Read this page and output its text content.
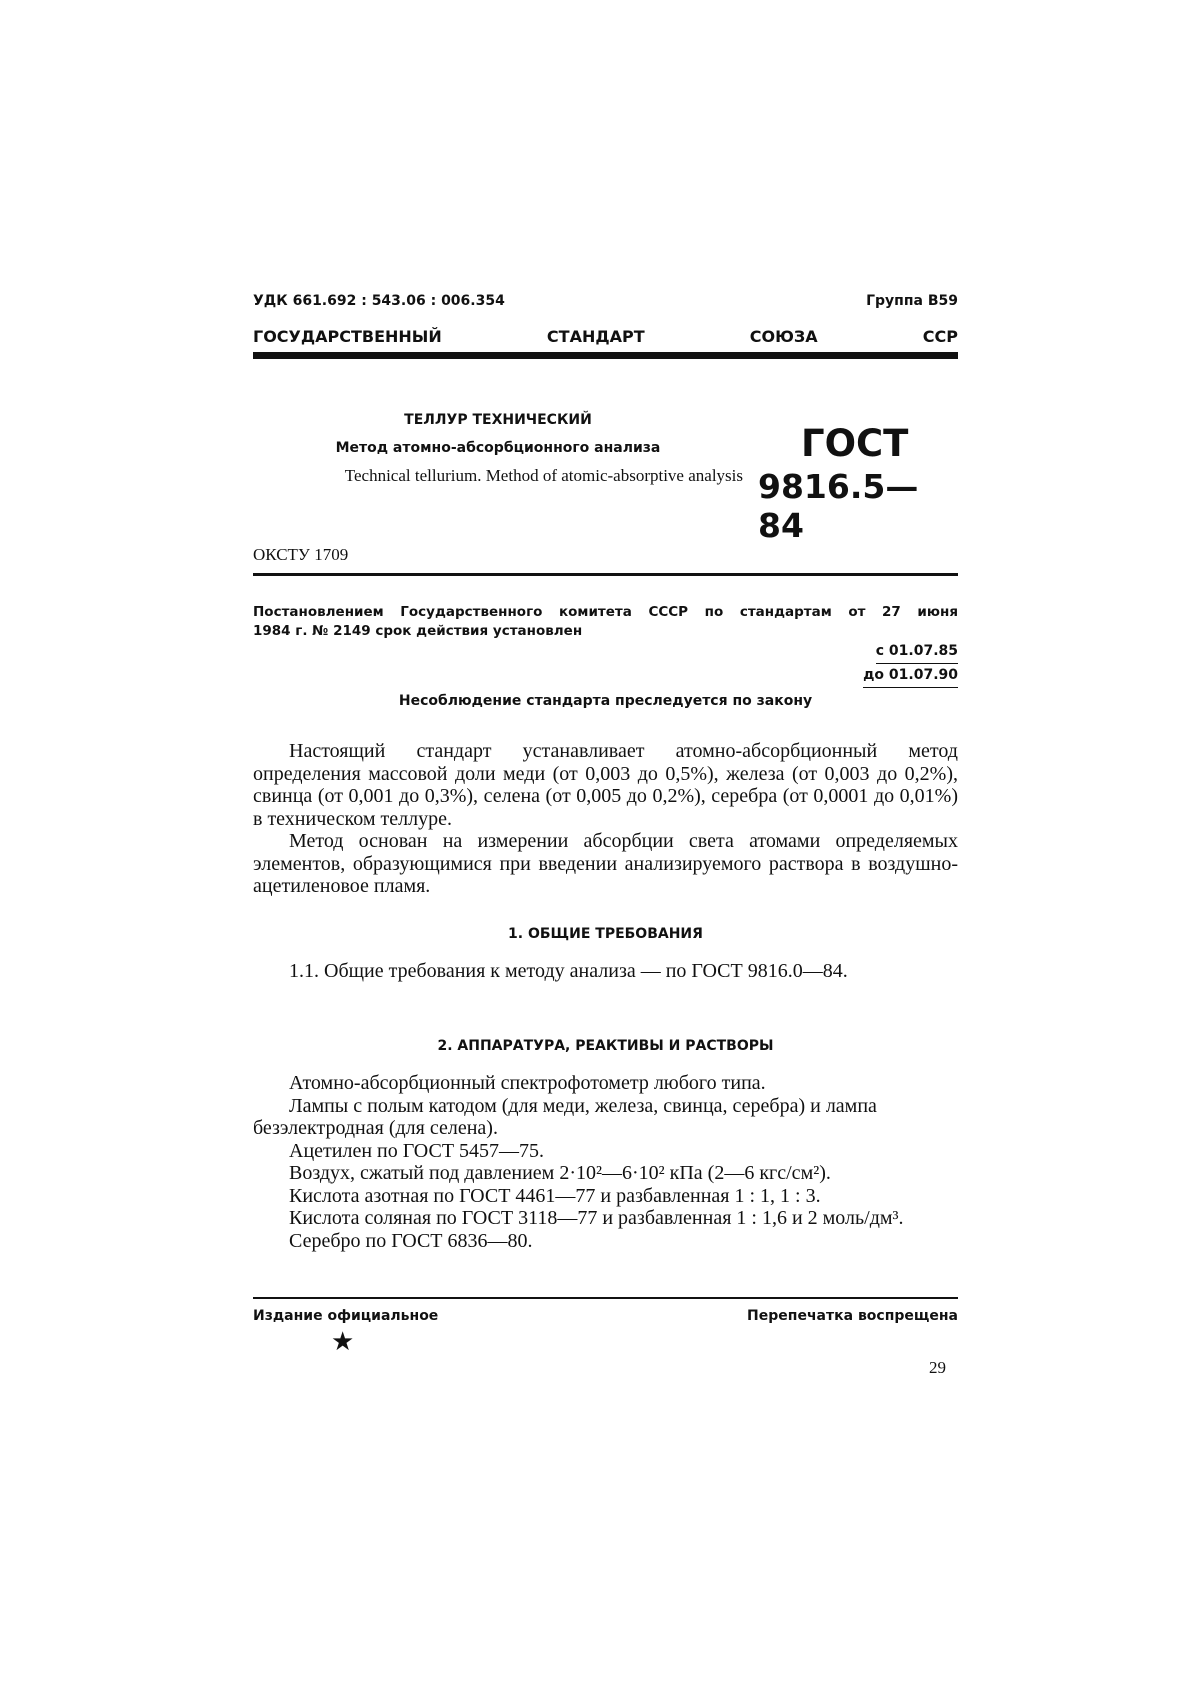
УДК 661.692 : 543.06 : 006.354	Группа В59
ГОСУДАРСТВЕННЫЙ	СТАНДАРТ	СОЮЗА	ССР
ТЕЛЛУР ТЕХНИЧЕСКИЙ
Метод атомно-абсорбционного анализа
Technical tellurium. Method of atomic-absorptive analysis
ГОСТ
9816.5—84
ОКСТУ 1709
Постановлением Государственного комитета СССР по стандартам от 27 июня
1984 г. № 2149 срок действия установлен
с 01.07.85
до 01.07.90
Несоблюдение стандарта преследуется по закону

Настоящий стандарт устанавливает атомно-абсорбционный метод определения массовой доли меди (от 0,003 до 0,5%), железа (от 0,003 до 0,2%), свинца (от 0,001 до 0,3%), селена (от 0,005 до 0,2%), серебра (от 0,0001 до 0,01%) в техническом теллуре.

Метод основан на измерении абсорбции света атомами определяемых элементов, образующимися при введении анализируемого раствора в воздушно-ацетиленовое пламя.

1. ОБЩИЕ ТРЕБОВАНИЯ

1.1. Общие требования к методу анализа — по ГОСТ 9816.0—84.

2. АППАРАТУРА, РЕАКТИВЫ И РАСТВОРЫ

Атомно-абсорбционный спектрофотометр любого типа.

Лампы с полым катодом (для меди, железа, свинца, серебра) и лампа безэлектродная (для селена).

Ацетилен по ГОСТ 5457—75.

Воздух, сжатый под давлением 2·10²—6·10² кПа (2—6 кгс/см²).

Кислота азотная по ГОСТ 4461—77 и разбавленная 1 : 1, 1 : 3.

Кислота соляная по ГОСТ 3118—77 и разбавленная 1 : 1,6 и 2 моль/дм³.

Серебро по ГОСТ 6836—80.

Издание официальное	Перепечатка воспрещена
★
29
